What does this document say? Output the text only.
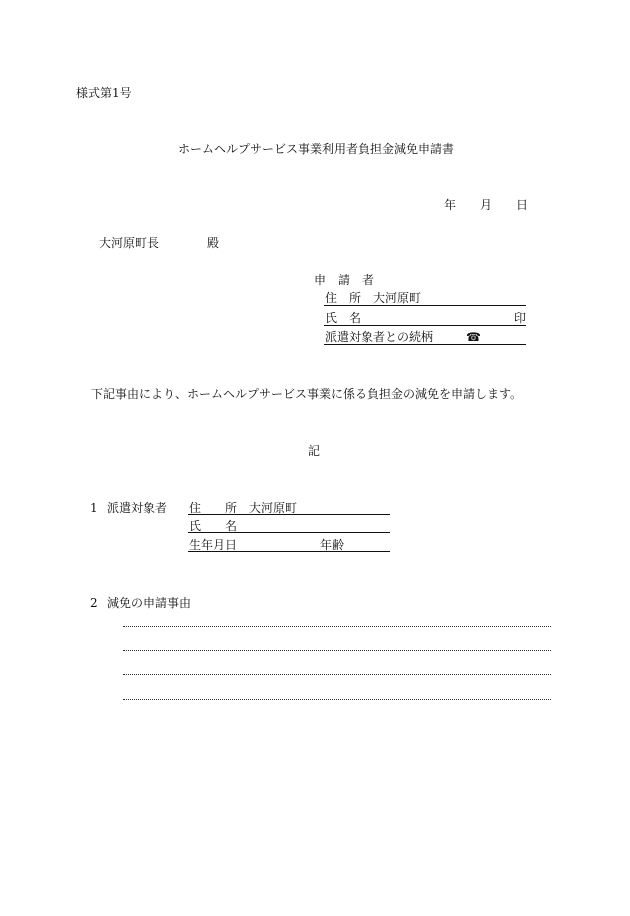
様式第1号
ホームヘルプサービス事業利用者負担金減免申請書
年 月 日
大河原町長	殿
申　請　者
住　所 大河原町
氏　名	印
派遣対象者との続柄	☎
下記事由により、ホームヘルプサービス事業に係る負担金の減免を申請します。
記
1 派遣対象者 住　　所 大河原町
氏　　名
生年月日	年齢
2 減免の申請事由
